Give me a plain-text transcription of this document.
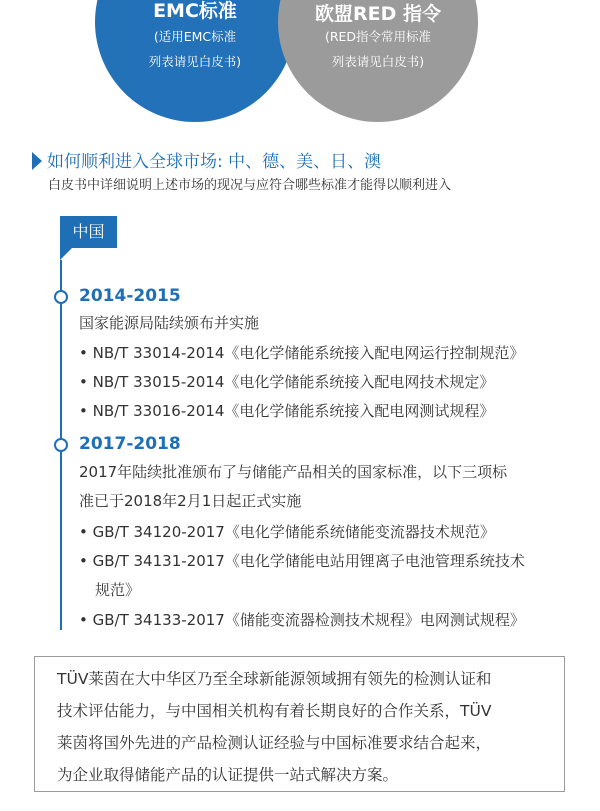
EMC标准
(适用EMC标准
列表请见白皮书)
欧盟RED 指令
(RED指令常用标准
列表请见白皮书)
如何顺利进入全球市场: 中、德、美、日、澳
白皮书中详细说明上述市场的现况与应符合哪些标准才能得以顺利进入
中国
2014-2015
国家能源局陆续颁布并实施
• NB/T 33014-2014《电化学储能系统接入配电网运行控制规范》
• NB/T 33015-2014《电化学储能系统接入配电网技术规定》
• NB/T 33016-2014《电化学储能系统接入配电网测试规程》
2017-2018
2017年陆续批准颁布了与储能产品相关的国家标准，以下三项标
准已于2018年2月1日起正式实施
• GB/T 34120-2017《电化学储能系统储能变流器技术规范》
• GB/T 34131-2017《电化学储能电站用锂离子电池管理系统技术
规范》
• GB/T 34133-2017《储能变流器检测技术规程》电网测试规程》
TÜV莱茵在大中华区乃至全球新能源领域拥有领先的检测认证和
技术评估能力，与中国相关机构有着长期良好的合作关系，TÜV
莱茵将国外先进的产品检测认证经验与中国标准要求结合起来，
为企业取得储能产品的认证提供一站式解决方案。
